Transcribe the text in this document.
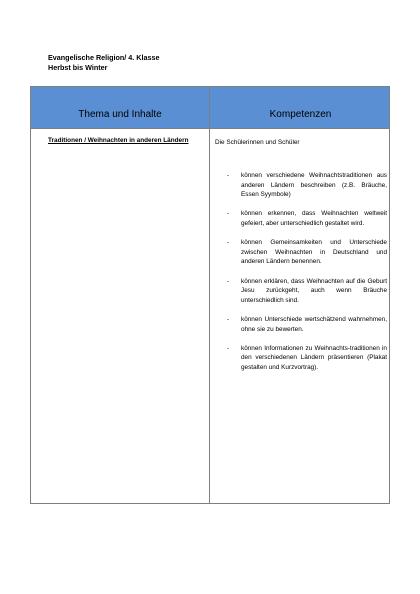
Evangelische Religion/ 4. Klasse
Herbst bis Winter
Thema und Inhalte	Kompetenzen
Traditionen / Weihnachten in anderen Ländern	Die Schülerinnen und Schüler
- können verschiedene Weihnachtstraditionen aus anderen Ländern beschreiben (z.B. Bräuche, Essen Syymbole)
- können erkennen, dass Weihnachten weltweit gefeiert, aber unterschiedlich gestaltet wird.
- können Gemeinsamkeiten und Unterschiede zwischen Weihnachten in Deutschland und anderen Ländern benennen.
- können erklären, dass Weihnachten auf die Geburt Jesu zurückgeht, auch wenn Bräuche unterschiedlich sind.
- können Unterschiede wertschätzend wahrnehmen, ohne sie zu bewerten.
- können Informationen zu Weihnachts-traditionen in den verschiedenen Ländern präsentieren (Plakat gestalten und Kurzvortrag).
